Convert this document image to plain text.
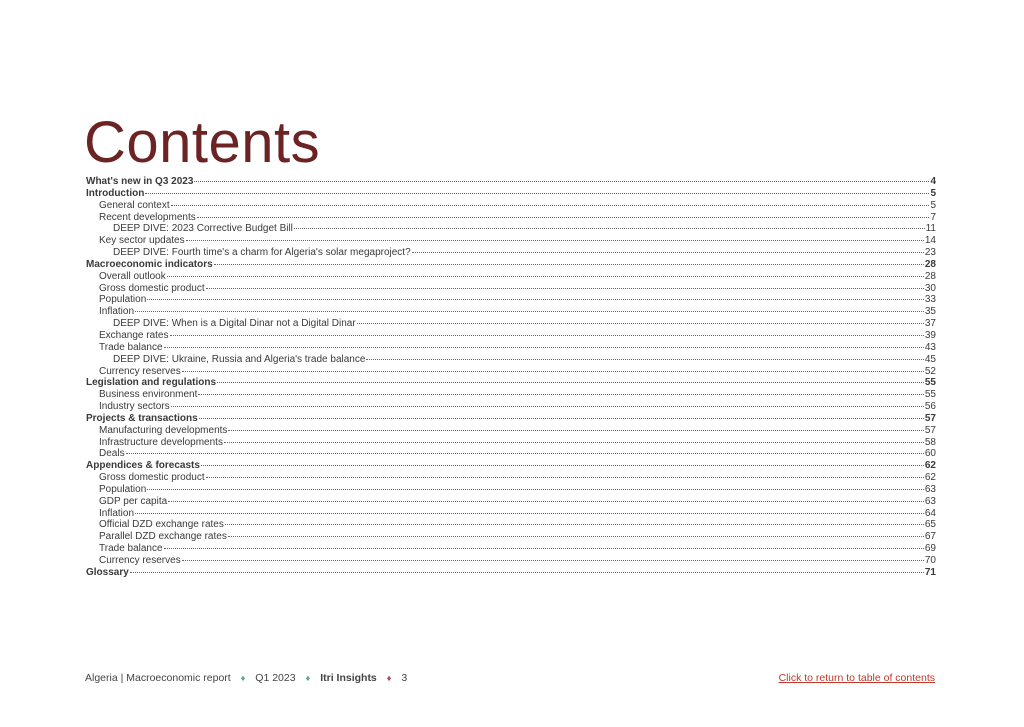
Contents
What's new in Q3 2023	4
Introduction	5
General context	5
Recent developments	7
DEEP DIVE: 2023 Corrective Budget Bill	11
Key sector updates	14
DEEP DIVE: Fourth time's a charm for Algeria's solar megaproject?	23
Macroeconomic indicators	28
Overall outlook	28
Gross domestic product	30
Population	33
Inflation	35
DEEP DIVE: When is a Digital Dinar not a Digital Dinar	37
Exchange rates	39
Trade balance	43
DEEP DIVE: Ukraine, Russia and Algeria's trade balance	45
Currency reserves	52
Legislation and regulations	55
Business environment	55
Industry sectors	56
Projects & transactions	57
Manufacturing developments	57
Infrastructure developments	58
Deals	60
Appendices & forecasts	62
Gross domestic product	62
Population	63
GDP per capita	63
Inflation	64
Official DZD exchange rates	65
Parallel DZD exchange rates	67
Trade balance	69
Currency reserves	70
Glossary	71
Algeria | Macroeconomic report ♦ Q1 2023 ♦ Itri Insights ♦ 3	Click to return to table of contents
